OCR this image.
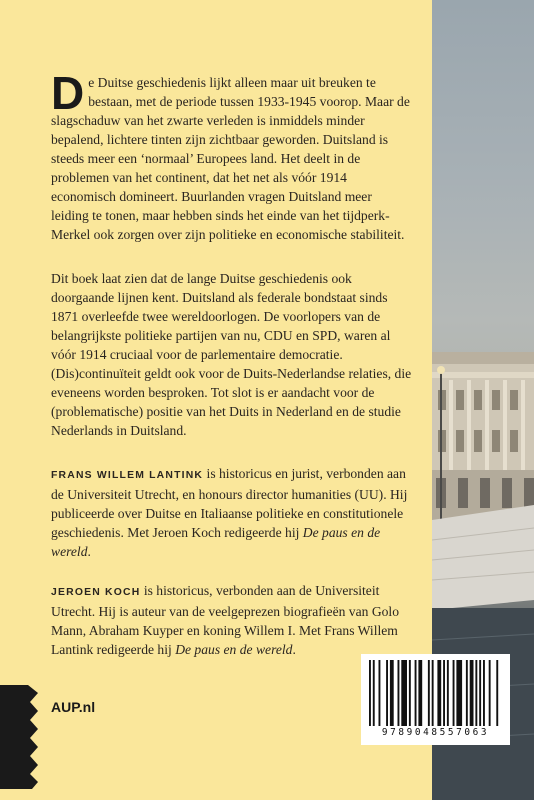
De Duitse geschiedenis lijkt alleen maar uit breuken te bestaan, met de periode tussen 1933-1945 voorop. Maar de slagschaduw van het zwarte verleden is inmiddels minder bepalend, lichtere tinten zijn zichtbaar geworden. Duitsland is steeds meer een ‘normaal’ Europees land. Het deelt in de problemen van het continent, dat het net als vóór 1914 economisch domineert. Buurlanden vragen Duitsland meer leiding te tonen, maar hebben sinds het einde van het tijdperk-Merkel ook zorgen over zijn politieke en economische stabiliteit.
Dit boek laat zien dat de lange Duitse geschiedenis ook doorgaande lijnen kent. Duitsland als federale bondstaat sinds 1871 overleefde twee wereldoorlogen. De voorlopers van de belangrijkste politieke partijen van nu, CDU en SPD, waren al vóór 1914 cruciaal voor de parlementaire democratie. (Dis)continuïteit geldt ook voor de Duits-Nederlandse relaties, die eveneens worden besproken. Tot slot is er aandacht voor de (problematische) positie van het Duits in Nederland en de studie Nederlands in Duitsland.
FRANS WILLEM LANTINK is historicus en jurist, verbonden aan de Universiteit Utrecht, en honours director humanities (UU). Hij publiceerde over Duitse en Italiaanse politieke en constitutionele geschiedenis. Met Jeroen Koch redigeerde hij De paus en de wereld.
JEROEN KOCH is historicus, verbonden aan de Universiteit Utrecht. Hij is auteur van de veelgeprezen biografieën van Golo Mann, Abraham Kuyper en koning Willem I. Met Frans Willem Lantink redigeerde hij De paus en de wereld.
AUP.nl
9789048557063
